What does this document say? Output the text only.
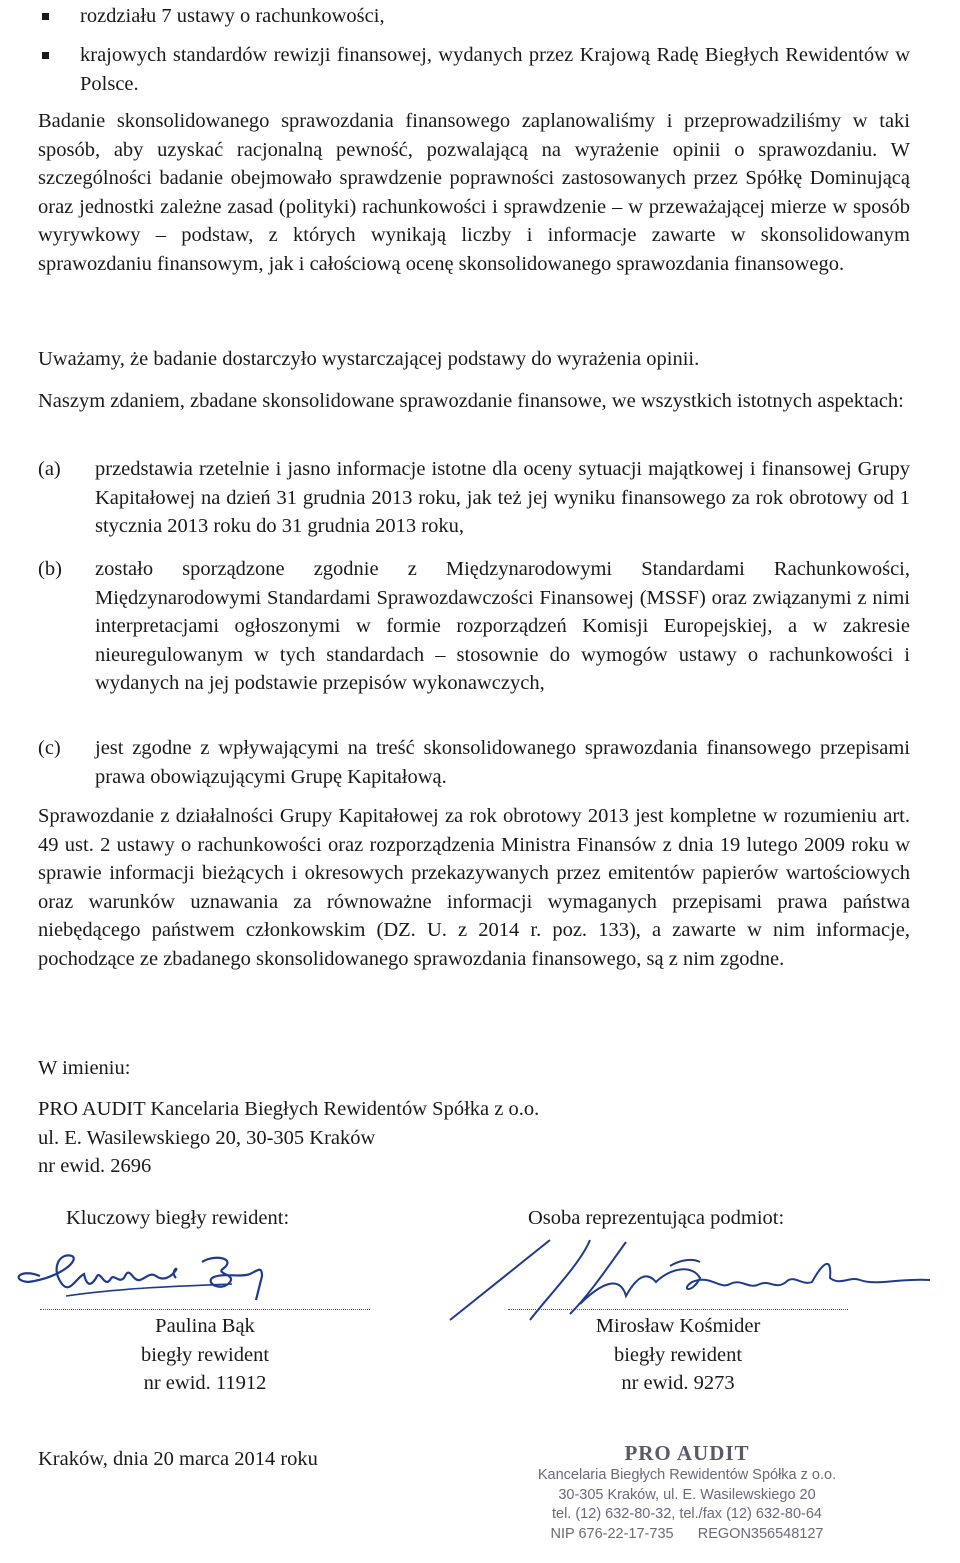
rozdziału 7 ustawy o rachunkowości,
krajowych standardów rewizji finansowej, wydanych przez Krajową Radę Biegłych Rewidentów w Polsce.

Badanie skonsolidowanego sprawozdania finansowego zaplanowaliśmy i przeprowadziliśmy w taki sposób, aby uzyskać racjonalną pewność, pozwalającą na wyrażenie opinii o sprawozdaniu. W szczególności badanie obejmowało sprawdzenie poprawności zastosowanych przez Spółkę Dominującą oraz jednostki zależne zasad (polityki) rachunkowości i sprawdzenie – w przeważającej mierze w sposób wyrywkowy – podstaw, z których wynikają liczby i informacje zawarte w skonsolidowanym sprawozdaniu finansowym, jak i całościową ocenę skonsolidowanego sprawozdania finansowego.

Uważamy, że badanie dostarczyło wystarczającej podstawy do wyrażenia opinii.

Naszym zdaniem, zbadane skonsolidowane sprawozdanie finansowe, we wszystkich istotnych aspektach:

(a) przedstawia rzetelnie i jasno informacje istotne dla oceny sytuacji majątkowej i finansowej Grupy Kapitałowej na dzień 31 grudnia 2013 roku, jak też jej wyniku finansowego za rok obrotowy od 1 stycznia 2013 roku do 31 grudnia 2013 roku,

(b) zostało sporządzone zgodnie z Międzynarodowymi Standardami Rachunkowości, Międzynarodowymi Standardami Sprawozdawczości Finansowej (MSSF) oraz związanymi z nimi interpretacjami ogłoszonymi w formie rozporządzeń Komisji Europejskiej, a w zakresie nieuregulowanym w tych standardach – stosownie do wymogów ustawy o rachunkowości i wydanych na jej podstawie przepisów wykonawczych,

(c) jest zgodne z wpływającymi na treść skonsolidowanego sprawozdania finansowego przepisami prawa obowiązującymi Grupę Kapitałową.

Sprawozdanie z działalności Grupy Kapitałowej za rok obrotowy 2013 jest kompletne w rozumieniu art. 49 ust. 2 ustawy o rachunkowości oraz rozporządzenia Ministra Finansów z dnia 19 lutego 2009 roku w sprawie informacji bieżących i okresowych przekazywanych przez emitentów papierów wartościowych oraz warunków uznawania za równoważne informacji wymaganych przepisami prawa państwa niebędącego państwem członkowskim (DZ. U. z 2014 r. poz. 133), a zawarte w nim informacje, pochodzące ze zbadanego skonsolidowanego sprawozdania finansowego, są z nim zgodne.

W imieniu:

PRO AUDIT Kancelaria Biegłych Rewidentów Spółka z o.o.
ul. E. Wasilewskiego 20, 30-305 Kraków
nr ewid. 2696
Kluczowy biegły rewident:
Paulina Bąk
biegły rewident
nr ewid. 11912
Osoba reprezentująca podmiot:
Mirosław Kośmider
biegły rewident
nr ewid. 9273
Kraków, dnia 20 marca 2014 roku	PRO AUDIT
Kancelaria Biegłych Rewidentów Spółka z o.o.
30-305 Kraków, ul. E. Wasilewskiego 20
tel. (12) 632-80-32, tel./fax (12) 632-80-64
NIP 676-22-17-735 REGON356548127
